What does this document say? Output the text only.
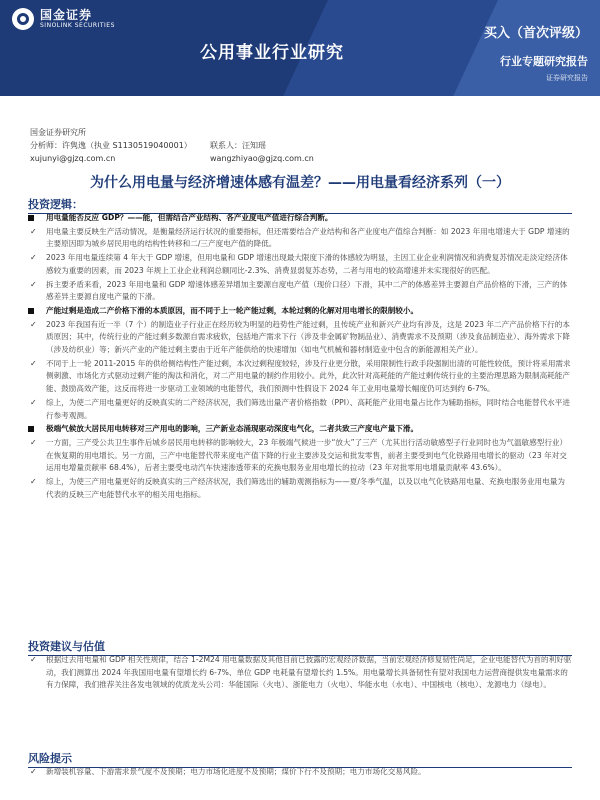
国金证券
SINOLINK SECURITIES
公用事业行业研究
买入（首次评级）
行业专题研究报告
证券研究报告
国金证券研究所
分析师：许隽逸（执业 S1130519040001） 联系人：汪知瑶
xujunyi@gjzq.com.cn	wangzhiyao@gjzq.com.cn
为什么用电量与经济增速体感有温差？——用电量看经济系列（一）
投资逻辑：
用电量能否反应 GDP？——能，但需结合产业结构、各产业度电产值进行综合判断。
✓ 用电量主要反映生产活动情况，是衡量经济运行状况的重要指标，但还需要结合产业结构和各产业度电产值综合判断：如 2023 年用电增速大于 GDP 增速的主要原因即为城乡居民用电的结构性转移和二/三产度电产值的降低。
✓ 2023 年用电量连续第 4 年大于 GDP 增速，但用电量和 GDP 增速出现最大限度下滑的体感较为明显，主因工业企业利润情况和消费复苏情况走淡定经济体感较为重要的因素，而 2023 年规上工业企业利润总额同比-2.3%、消费显弱复苏态势，二者与用电的较高增速并未实现很好的匹配。
✓ 拆主要矛盾来看，2023 年用电量和 GDP 增速体感差异增加主要源自度电产值（现价口径）下滑，其中二产的体感差异主要源自产品价格的下滑，三产的体感差异主要源自度电产量的下滑。
产能过剩是造成二产价格下滑的本质原因，而不同于上一轮产能过剩，本轮过剩的化解对用电增长的限制较小。
✓ 2023 年我国有近一半（7 个）的制造业子行业正在经历较为明显的趋势性产能过剩，且传统产业和新兴产业均有涉及，这是 2023 年二产产品价格下行的本质原因；其中，传统行业的产能过剩多数源自需求疲软，包括地产需求下行（涉及非金属矿物制品业）、消费需求不及预期（涉及食品制造业）、海外需求下降（涉及纺织业）等；新兴产业的产能过剩主要由于近年产能供给的快速增加（如电气机械和器材制造业中包含的新能源相关产业）。
✓ 不同于上一轮 2011-2015 年的供给侧结构性产能过剩，本次过剩程度较轻，涉及行业更分散，采用限制性行政手段强制出清的可能性较低，预计将采用需求侧刺激、市场化方式驱动过剩产能的淘汰和消化，对二产用电量的制约作用较小。此外，此次针对高耗能的产能过剩传统行业的主要治理思路为限制高耗能产能、鼓励高效产能，这反而将进一步驱动工业领域的电能替代，我们预测中性假设下 2024 年工业用电量增长幅度仍可达到约 6-7%。
✓ 综上，为使二产用电量更好的反映真实的二产经济状况，我们筛选出量产者价格指数（PPI）、高耗能产业用电量占比作为辅助指标，同时结合电能替代水平进行参考观测。
极端气候放大居民用电转移对三产用电的影响，三产新业态涌现驱动深度电气化，二者共致三产度电产量下滑。
✓ 一方面，三产受公共卫生事件后城乡居民用电转移的影响较大，23 年极端气候进一步“放大”了三产（尤其出行活动敏感型子行业同时也为气温敏感型行业）在恢复期的用电增长。另一方面，三产中电能替代带来度电产值下降的行业主要涉及交运和批发零售，前者主要受到电气化铁路用电增长的驱动（23 年对交运用电增量贡献率 68.4%），后者主要受电动汽车快速渗透带来的充换电服务业用电增长的拉动（23 年对批零用电增量贡献率 43.6%）。
✓ 综上，为使三产用电量更好的反映真实的三产经济状况，我们筛选出的辅助观测指标为——夏/冬季气温，以及以电气化铁路用电量、充换电服务业用电量为代表的反映三产电能替代水平的相关用电指标。
投资建议与估值
✓ 根据过去用电量和 GDP 相关性规律，结合 1-2M24 用电量数据及其他目前已披露的宏观经济数据，当前宏观经济修复韧性尚足，企业电能替代为首的利好驱动，我们测算出 2024 年我国用电量有望增长约 6-7%、单位 GDP 电耗量有望增长约 1.5%。用电量增长具备韧性有望对我国电力运营商提供发电量需求的有力保障，我们推荐关注各发电领域的优质龙头公司：华能国际（火电）、浙能电力（火电）、华能水电（水电）、中国核电（核电）、龙源电力（绿电）。
风险提示
✓ 新增装机容量、下游需求景气度不及预期；电力市场化进度不及预期；煤价下行不及预期；电力市场化交易风险。
